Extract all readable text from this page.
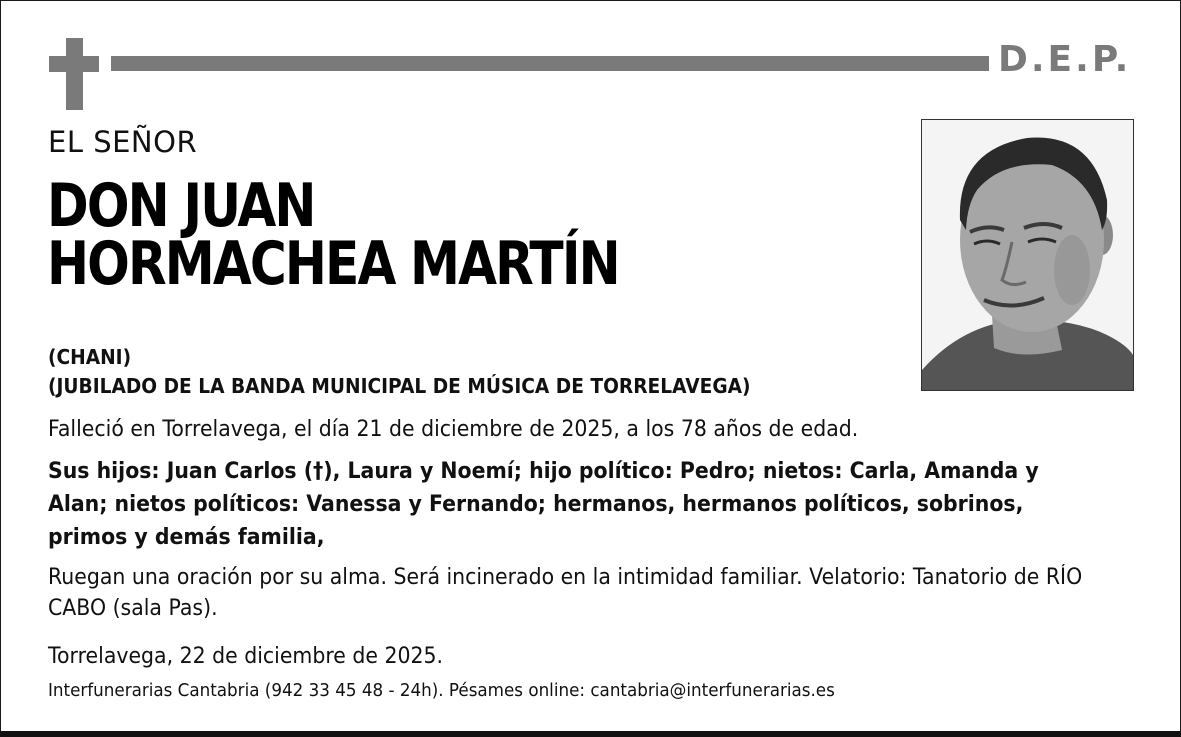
D.E.P.
EL SEÑOR
DON JUAN
HORMACHEA MARTÍN
(CHANI)
(JUBILADO DE LA BANDA MUNICIPAL DE MÚSICA DE TORRELAVEGA)
Falleció en Torrelavega, el día 21 de diciembre de 2025, a los 78 años de edad.
Sus hijos: Juan Carlos (†), Laura y Noemí; hijo político: Pedro; nietos: Carla, Amanda y Alan; nietos políticos: Vanessa y Fernando; hermanos, hermanos políticos, sobrinos, primos y demás familia,
Ruegan una oración por su alma. Será incinerado en la intimidad familiar. Velatorio: Tanatorio de RÍO CABO (sala Pas).
Torrelavega, 22 de diciembre de 2025.
Interfunerarias Cantabria (942 33 45 48 - 24h). Pésames online: cantabria@interfunerarias.es
